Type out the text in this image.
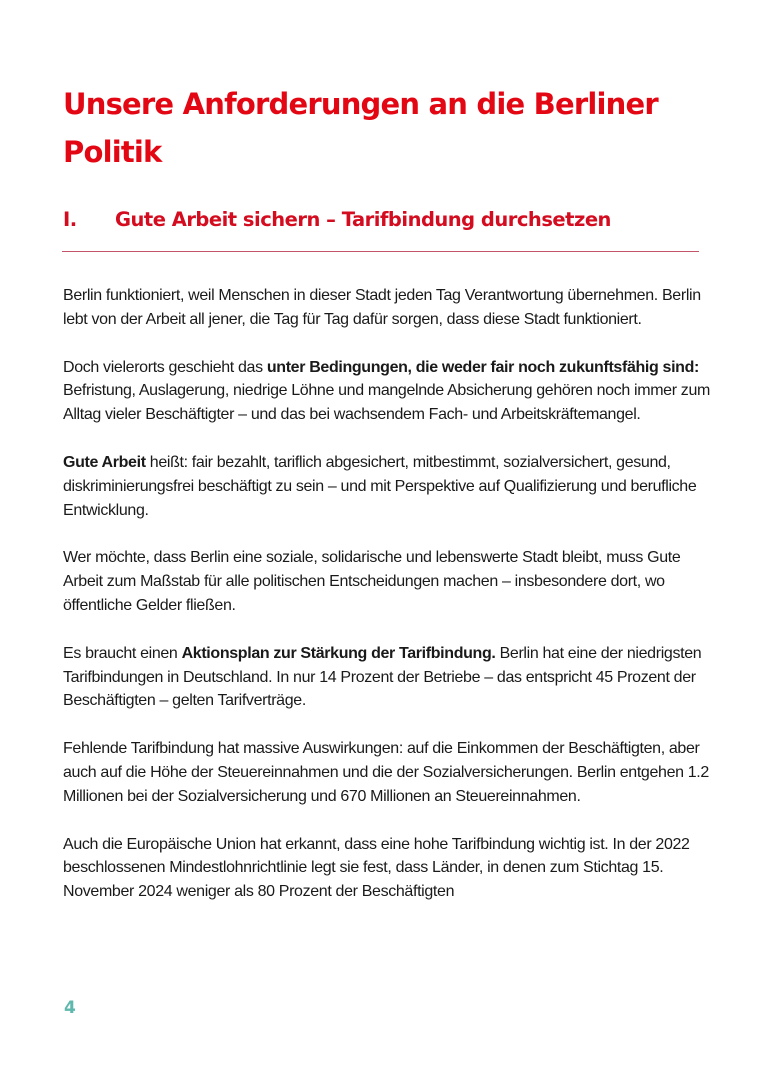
Unsere Anforderungen an die Berliner Politik
I.	Gute Arbeit sichern – Tarifbindung durchsetzen

Berlin funktioniert, weil Menschen in dieser Stadt jeden Tag Verantwortung übernehmen. Berlin lebt von der Arbeit all jener, die Tag für Tag dafür sorgen, dass diese Stadt funktioniert.

Doch vielerorts geschieht das unter Bedingungen, die weder fair noch zukunftsfähig sind: Befristung, Auslagerung, niedrige Löhne und mangelnde Absicherung gehören noch immer zum Alltag vieler Beschäftigter – und das bei wachsendem Fach- und Arbeitskräftemangel.

Gute Arbeit heißt: fair bezahlt, tariflich abgesichert, mitbestimmt, sozialversichert, gesund, diskriminierungsfrei beschäftigt zu sein – und mit Perspektive auf Qualifizierung und berufliche Entwicklung.

Wer möchte, dass Berlin eine soziale, solidarische und lebenswerte Stadt bleibt, muss Gute Arbeit zum Maßstab für alle politischen Entscheidungen machen – insbesondere dort, wo öffentliche Gelder fließen.

Es braucht einen Aktionsplan zur Stärkung der Tarifbindung. Berlin hat eine der niedrigsten Tarifbindungen in Deutschland. In nur 14 Prozent der Betriebe – das entspricht 45 Prozent der Beschäftigten – gelten Tarifverträge.

Fehlende Tarifbindung hat massive Auswirkungen: auf die Einkommen der Beschäftigten, aber auch auf die Höhe der Steuereinnahmen und die der Sozialversicherungen. Berlin entgehen 1.2 Millionen bei der Sozialversicherung und 670 Millionen an Steuereinnahmen.

Auch die Europäische Union hat erkannt, dass eine hohe Tarifbindung wichtig ist. In der 2022 beschlossenen Mindestlohnrichtlinie legt sie fest, dass Länder, in denen zum Stichtag 15. November 2024 weniger als 80 Prozent der Beschäftigten

4
